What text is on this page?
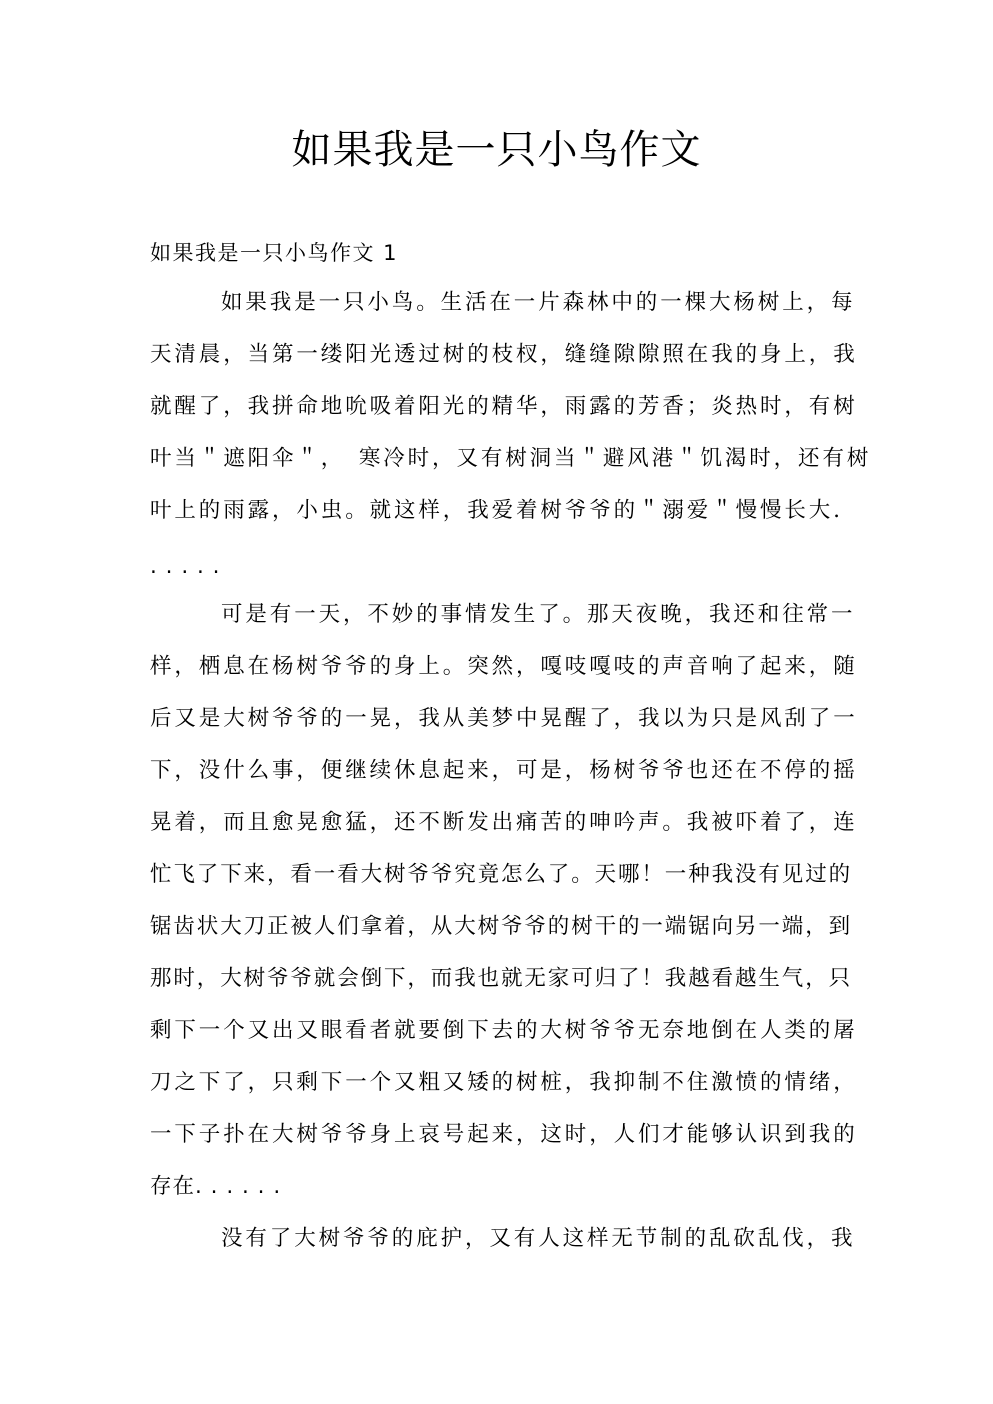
如果我是一只小鸟作文
如果我是一只小鸟作文 1
如果我是一只小鸟。生活在一片森林中的一棵大杨树上，每
天清晨，当第一缕阳光透过树的枝杈，缝缝隙隙照在我的身上，我
就醒了，我拼命地吮吸着阳光的精华，雨露的芳香；炎热时，有树
叶当＂遮阳伞＂，　寒冷时，又有树洞当＂避风港＂饥渴时，还有树
叶上的雨露，小虫。就这样，我爱着树爷爷的＂溺爱＂慢慢长大．
. . . . .
可是有一天，不妙的事情发生了。那天夜晚，我还和往常一
样，栖息在杨树爷爷的身上。突然，嘎吱嘎吱的声音响了起来，随
后又是大树爷爷的一晃，我从美梦中晃醒了，我以为只是风刮了一
下，没什么事，便继续休息起来，可是，杨树爷爷也还在不停的摇
晃着，而且愈晃愈猛，还不断发出痛苦的呻吟声。我被吓着了，连
忙飞了下来，看一看大树爷爷究竟怎么了。天哪！一种我没有见过的
锯齿状大刀正被人们拿着，从大树爷爷的树干的一端锯向另一端，到
那时，大树爷爷就会倒下，而我也就无家可归了！我越看越生气，只
剩下一个又出又眼看者就要倒下去的大树爷爷无奈地倒在人类的屠
刀之下了，只剩下一个又粗又矮的树桩，我抑制不住激愤的情绪，
一下子扑在大树爷爷身上哀号起来，这时，人们才能够认识到我的
存在. . . . . .
没有了大树爷爷的庇护，又有人这样无节制的乱砍乱伐，我
